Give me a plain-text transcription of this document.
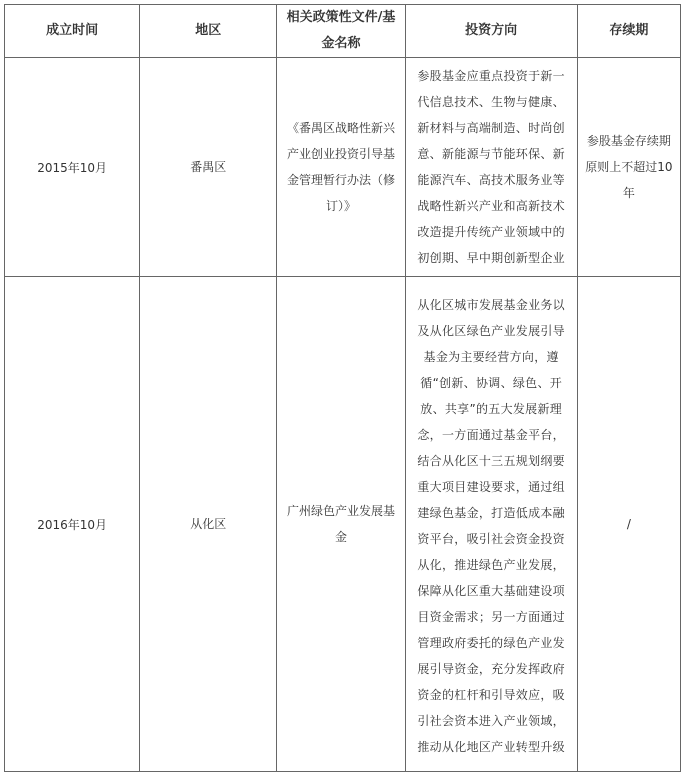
成立时间	地区	相关政策性文件/基金名称	投资方向	存续期
2015年10月	番禺区	《番禺区战略性新兴产业创业投资引导基金管理暂行办法（修订）》	参股基金应重点投资于新一代信息技术、生物与健康、新材料与高端制造、时尚创意、新能源与节能环保、新能源汽车、高技术服务业等战略性新兴产业和高新技术改造提升传统产业领域中的初创期、早中期创新型企业	参股基金存续期原则上不超过10年
2016年10月	从化区	广州绿色产业发展基金	从化区城市发展基金业务以及从化区绿色产业发展引导基金为主要经营方向，遵循“创新、协调、绿色、开放、共享”的五大发展新理念，一方面通过基金平台，结合从化区十三五规划纲要重大项目建设要求，通过组建绿色基金，打造低成本融资平台，吸引社会资金投资从化，推进绿色产业发展，保障从化区重大基础建设项目资金需求；另一方面通过管理政府委托的绿色产业发展引导资金，充分发挥政府资金的杠杆和引导效应，吸引社会资本进入产业领域，推动从化地区产业转型升级	/
